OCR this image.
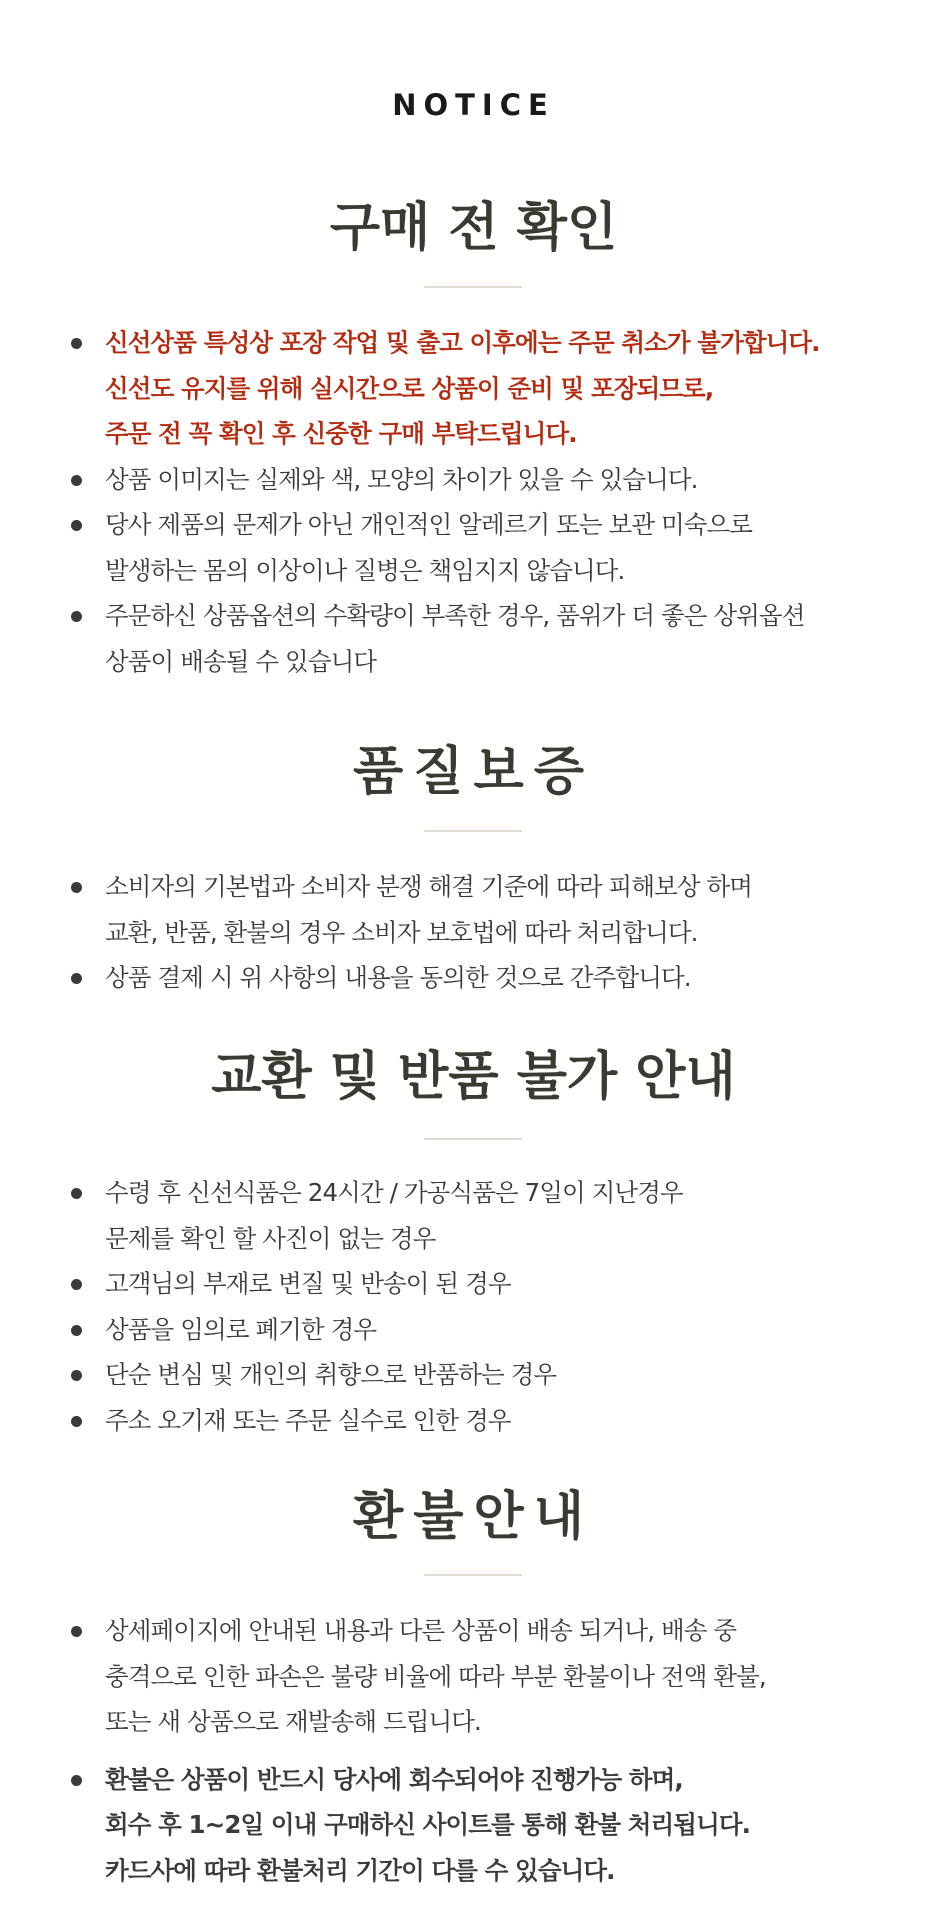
NOTICE
구매 전 확인
신선상품 특성상 포장 작업 및 출고 이후에는 주문 취소가 불가합니다.
신선도 유지를 위해 실시간으로 상품이 준비 및 포장되므로,
주문 전 꼭 확인 후 신중한 구매 부탁드립니다.
상품 이미지는 실제와 색, 모양의 차이가 있을 수 있습니다.
당사 제품의 문제가 아닌 개인적인 알레르기 또는 보관 미숙으로
발생하는 몸의 이상이나 질병은 책임지지 않습니다.
주문하신 상품옵션의 수확량이 부족한 경우, 품위가 더 좋은 상위옵션
상품이 배송될 수 있습니다
품질보증
소비자의 기본법과 소비자 분쟁 해결 기준에 따라 피해보상 하며
교환, 반품, 환불의 경우 소비자 보호법에 따라 처리합니다.
상품 결제 시 위 사항의 내용을 동의한 것으로 간주합니다.
교환 및 반품 불가 안내
수령 후 신선식품은 24시간 / 가공식품은 7일이 지난경우
문제를 확인 할 사진이 없는 경우
고객님의 부재로 변질 및 반송이 된 경우
상품을 임의로 폐기한 경우
단순 변심 및 개인의 취향으로 반품하는 경우
주소 오기재 또는 주문 실수로 인한 경우
환불안내
상세페이지에 안내된 내용과 다른 상품이 배송 되거나, 배송 중
충격으로 인한 파손은 불량 비율에 따라 부분 환불이나 전액 환불,
또는 새 상품으로 재발송해 드립니다.
환불은 상품이 반드시 당사에 회수되어야 진행가능 하며,
회수 후 1~2일 이내 구매하신 사이트를 통해 환불 처리됩니다.
카드사에 따라 환불처리 기간이 다를 수 있습니다.
